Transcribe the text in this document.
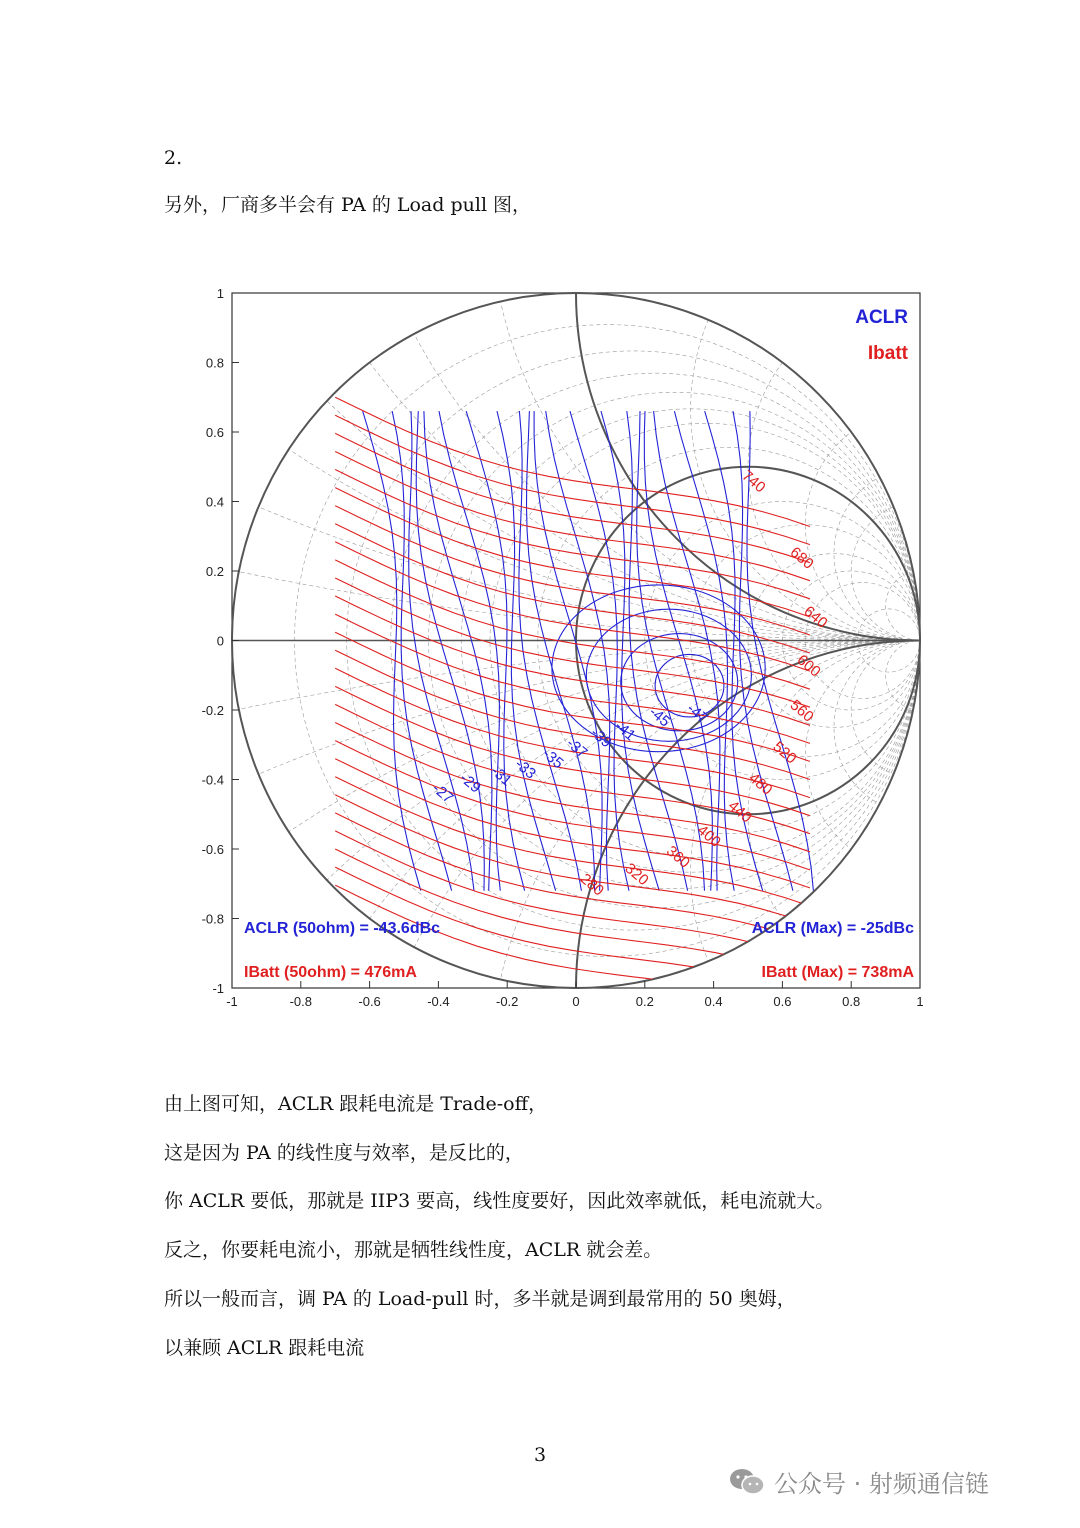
2.

另外，厂商多半会有 PA 的 Load pull 图，

-27 -29 -31
-33 -35
-37
-39
-41
-45 -47
280 320
360
400
440
480
520
560
600
640
680
740
-1	-0.8	-0.6	-0.4	-0.2	0	0.2	0.4	0.6	0.8	1
1
0.8
0.6
0.4
0.2
0
-0.2
-0.4
-0.6
-0.8
-1
ACLR
Ibatt
ACLR (50ohm) = -43.6dBc	ACLR (Max) = -25dBc
IBatt (50ohm) = 476mA	IBatt (Max) = 738mA

由上图可知，ACLR 跟耗电流是 Trade-off，

这是因为 PA 的线性度与效率，是反比的，

你 ACLR 要低，那就是 IIP3 要高，线性度要好，因此效率就低，耗电流就大。

反之，你要耗电流小，那就是牺牲线性度，ACLR 就会差。

所以一般而言，调 PA 的 Load-pull 时，多半就是调到最常用的 50 奥姆，

以兼顾 ACLR 跟耗电流

3
公众号 · 射频通信链
